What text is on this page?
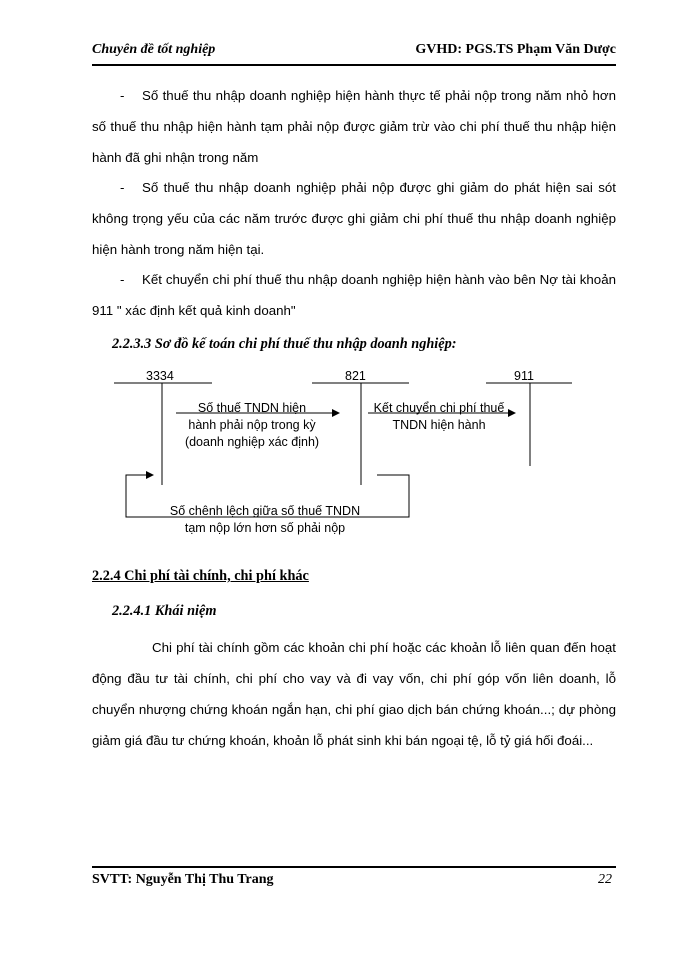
Chuyên đề tốt nghiệp	GVHD: PGS.TS Phạm Văn Dược

- Số thuế thu nhập doanh nghiệp hiện hành thực tế phải nộp trong năm nhỏ hơn số thuế thu nhập hiện hành tạm phải nộp được giảm trừ vào chi phí thuế thu nhập hiện hành đã ghi nhận trong năm

- Số thuế thu nhập doanh nghiệp phải nộp được ghi giảm do phát hiện sai sót không trọng yếu của các năm trước được ghi giảm chi phí thuế thu nhập doanh nghiệp hiện hành trong năm hiện tại.

- Kết chuyển chi phí thuế thu nhập doanh nghiệp hiện hành vào bên Nợ tài khoản 911 " xác định kết quả kinh doanh"

2.2.3.3 Sơ đồ kế toán chi phí thuế thu nhập doanh nghiệp:

3334	821	911
Số thuế TNDN hiện
hành phải nộp trong kỳ
(doanh nghiệp xác định)
Kết chuyển chi phí thuế
TNDN hiện hành
Số chênh lệch giữa số thuế TNDN
tạm nộp lớn hơn số phải nộp

2.2.4 Chi phí tài chính, chi phí khác

2.2.4.1 Khái niệm

Chi phí tài chính gồm các khoản chi phí hoặc các khoản lỗ liên quan đến hoạt động đầu tư tài chính, chi phí cho vay và đi vay vốn, chi phí góp vốn liên doanh, lỗ chuyển nhượng chứng khoán ngắn hạn, chi phí giao dịch bán chứng khoán...; dự phòng giảm giá đầu tư chứng khoán, khoản lỗ phát sinh khi bán ngoại tệ, lỗ tỷ giá hối đoái...

SVTT: Nguyễn Thị Thu Trang	22
